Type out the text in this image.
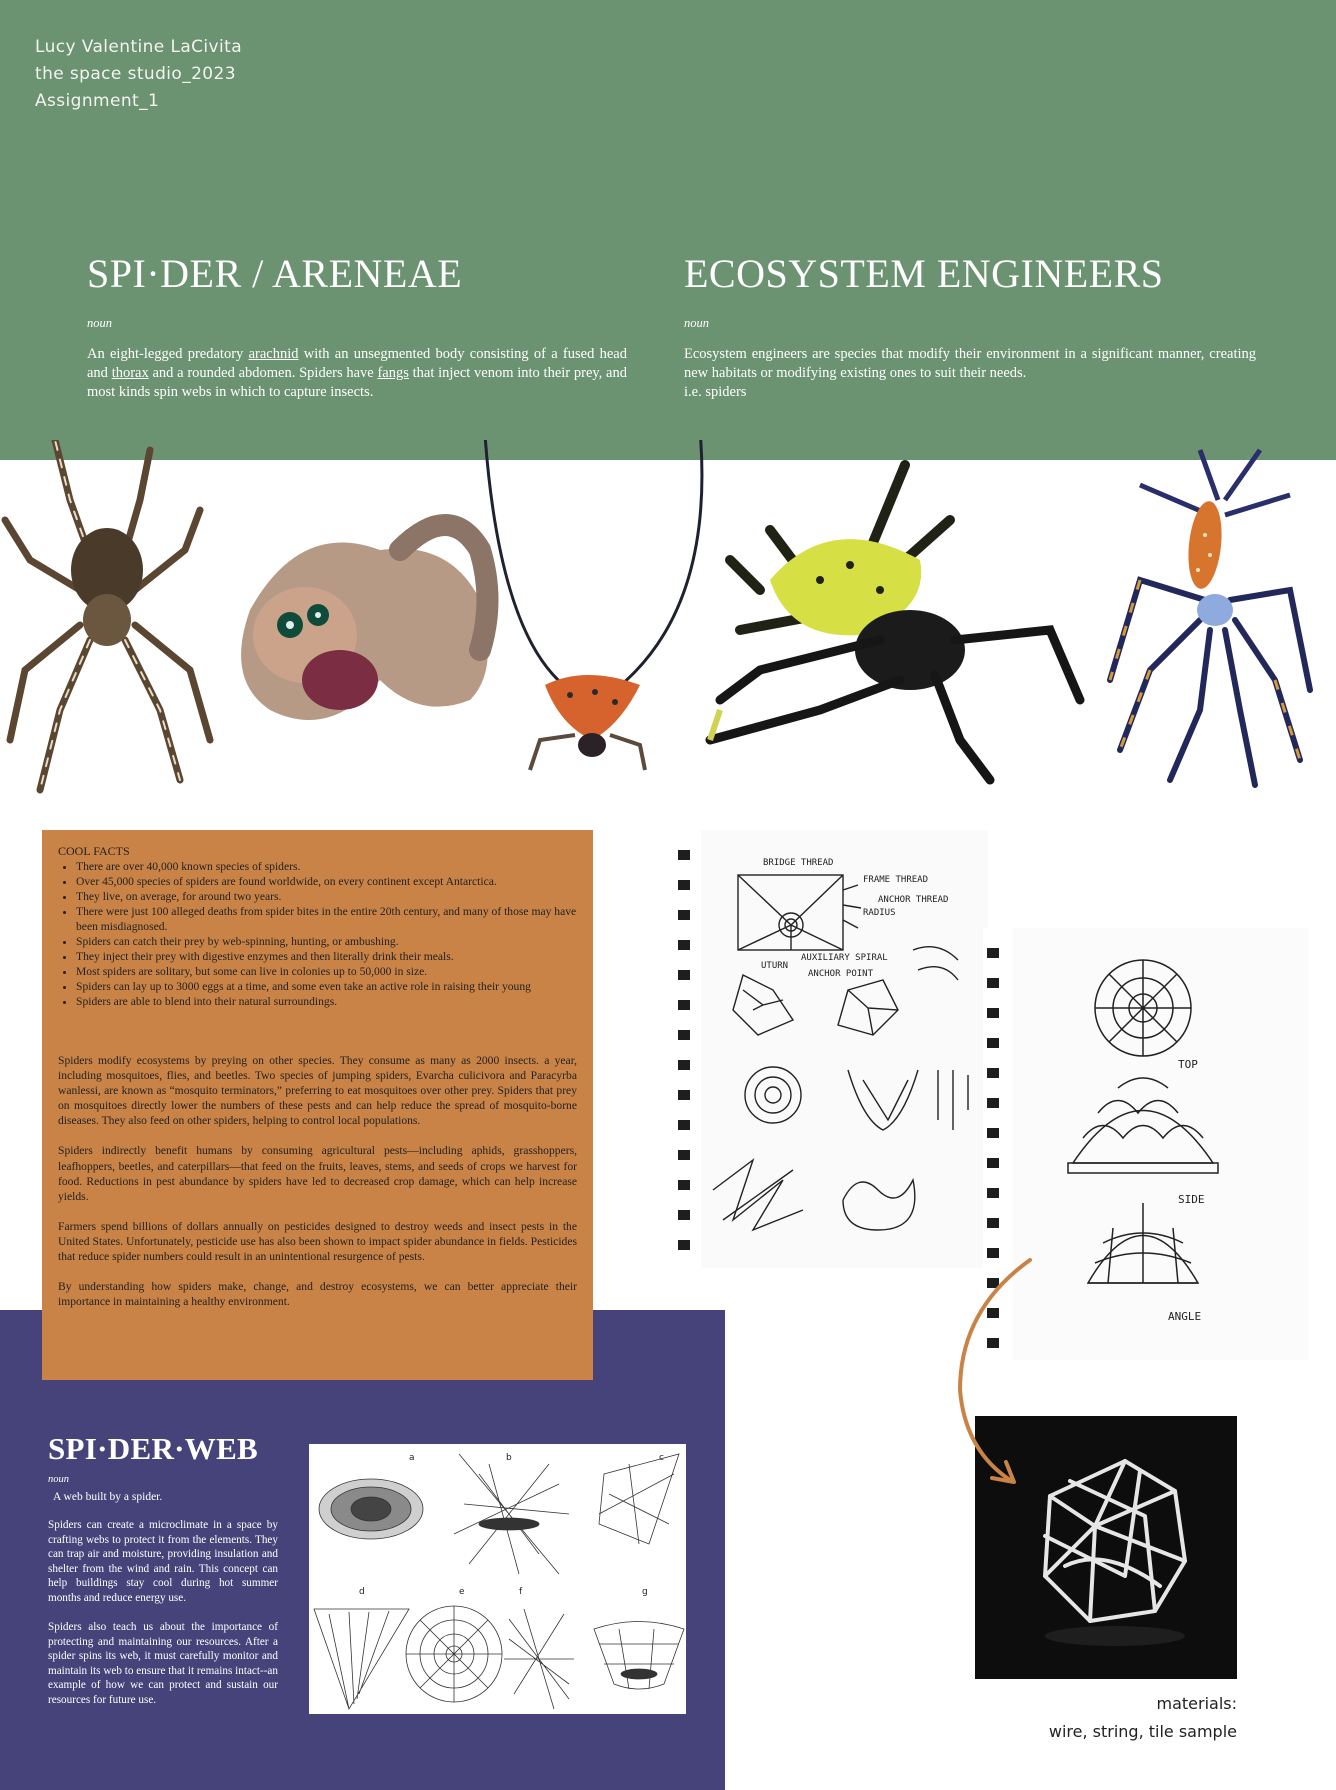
Lucy Valentine LaCivita
the space studio_2023
Assignment_1
SPI·DER / ARENEAE
noun

An eight-legged predatory arachnid with an unsegmented body consisting of a fused head and thorax and a rounded abdomen. Spiders have fangs that inject venom into their prey, and most kinds spin webs in which to capture insects.

ECOSYSTEM ENGINEERS
noun

Ecosystem engineers are species that modify their environment in a significant manner, creating new habitats or modifying existing ones to suit their needs.
i.e. spiders

BRIDGE THREAD
FRAME THREAD
ANCHOR THREAD
RADIUS
UTURN
AUXILIARY SPIRAL
ANCHOR POINT
TOP
SIDE
ANGLE
materials:
wire, string, tile sample
COOL FACTS
• There are over 40,000 known species of spiders.
• Over 45,000 species of spiders are found worldwide, on every continent except Antarctica.
• They live, on average, for around two years.
• There were just 100 alleged deaths from spider bites in the entire 20th century, and many of those may have been misdiagnosed.
• Spiders can catch their prey by web-spinning, hunting, or ambushing.
• They inject their prey with digestive enzymes and then literally drink their meals.
• Most spiders are solitary, but some can live in colonies up to 50,000 in size.
• Spiders can lay up to 3000 eggs at a time, and some even take an active role in raising their young
• Spiders are able to blend into their natural surroundings.

Spiders modify ecosystems by preying on other species. They consume as many as 2000 insects. a year, including mosquitoes, flies, and beetles. Two species of jumping spiders, Evarcha culicivora and Paracyrba wanlessi, are known as “mosquito terminators,” preferring to eat mosquitoes over other prey. Spiders that prey on mosquitoes directly lower the numbers of these pests and can help reduce the spread of mosquito-borne diseases. They also feed on other spiders, helping to control local populations.

Spiders indirectly benefit humans by consuming agricultural pests—including aphids, grasshoppers, leafhoppers, beetles, and caterpillars—that feed on the fruits, leaves, stems, and seeds of crops we harvest for food. Reductions in pest abundance by spiders have led to decreased crop damage, which can help increase yields.

Farmers spend billions of dollars annually on pesticides designed to destroy weeds and insect pests in the United States. Unfortunately, pesticide use has also been shown to impact spider abundance in fields. Pesticides that reduce spider numbers could result in an unintentional resurgence of pests.

By understanding how spiders make, change, and destroy ecosystems, we can better appreciate their importance in maintaining a healthy environment.

SPI·DER·WEB
noun
A web built by a spider.

Spiders can create a microclimate in a space by crafting webs to protect it from the elements. They can trap air and moisture, providing insulation and shelter from the wind and rain. This concept can help buildings stay cool during hot summer months and reduce energy use.

Spiders also teach us about the importance of protecting and maintaining our resources. After a spider spins its web, it must carefully monitor and maintain its web to ensure that it remains intact--an example of how we can protect and sustain our resources for future use.

a	b	c
d	e	f	g
